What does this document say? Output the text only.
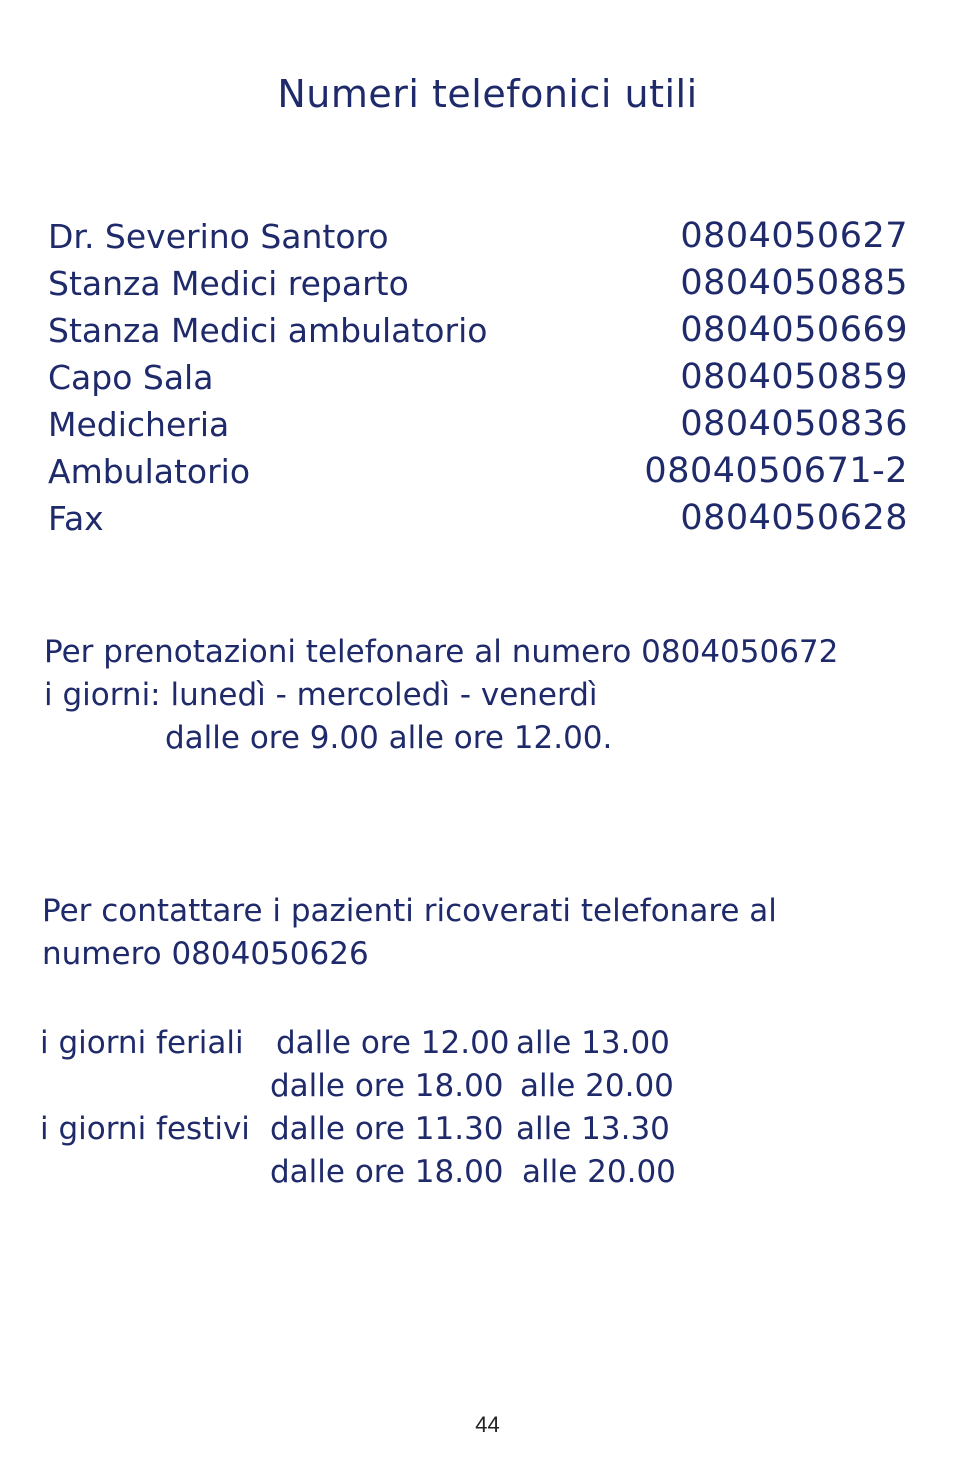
Numeri telefonici utili
Dr. Severino Santoro	0804050627
Stanza Medici reparto	0804050885
Stanza Medici ambulatorio	0804050669
Capo Sala	0804050859
Medicheria	0804050836
Ambulatorio	0804050671-2
Fax	0804050628
Per prenotazioni telefonare al numero 0804050672
i giorni: lunedì - mercoledì - venerdì
dalle ore 9.00 alle ore 12.00.
Per contattare i pazienti ricoverati telefonare al
numero 0804050626
i giorni feriali dalle ore 12.00 alle 13.00
dalle ore 18.00 alle 20.00
i giorni festivi dalle ore 11.30 alle 13.30
dalle ore 18.00 alle 20.00
44
